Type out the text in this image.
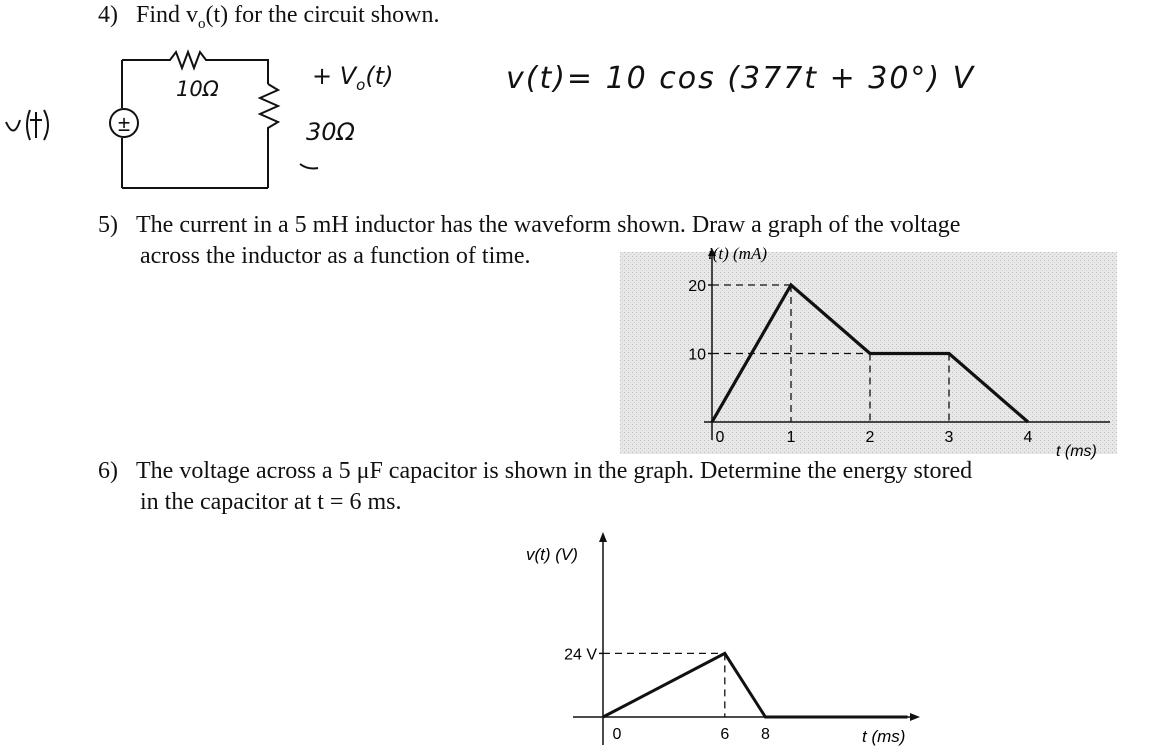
4) Find $v_o(t)$ for the circuit shown.
±
10Ω
30Ω
+ $V_o(t)$	v(t)= 10 cos (377t + 30°) V
5) The current in a 5 mH inductor has the waveform shown. Draw a graph of the voltage
across the inductor as a function of time.
20
10
0	1	2	3	4
i(t) (mA)
t (ms)
6) The voltage across a 5 μF capacitor is shown in the graph. Determine the energy stored
in the capacitor at t = 6 ms.
24 V
0	6 8
v(t) (V)
t (ms)
